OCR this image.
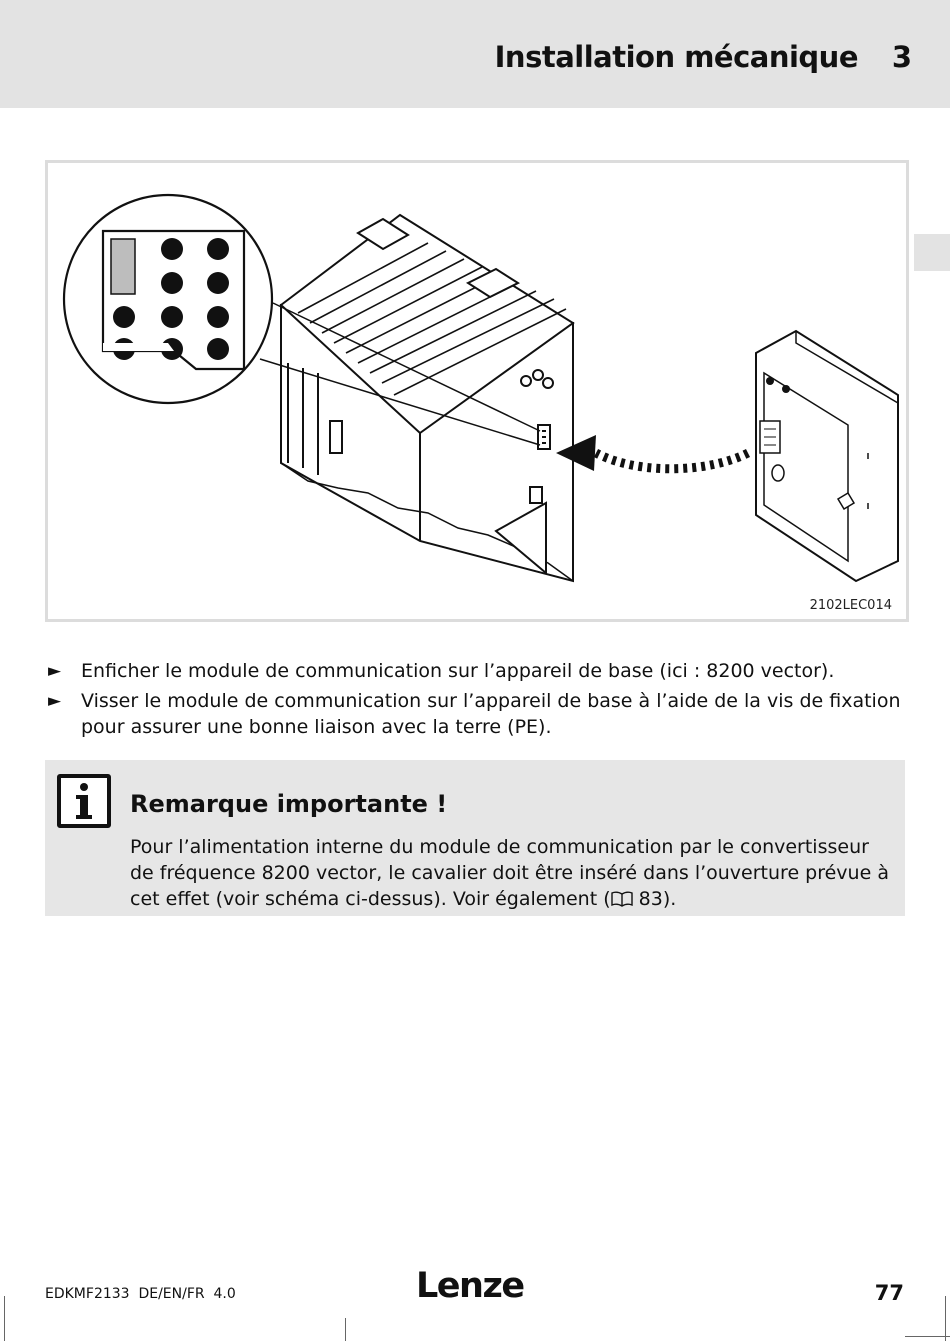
Installation mécanique 3
2102LEC014
► Enficher le module de communication sur l’appareil de base (ici : 8200 vector).
► Visser le module de communication sur l’appareil de base à l’aide de la vis de fixation pour assurer une bonne liaison avec la terre (PE).
Remarque importante !
Pour l’alimentation interne du module de communication par le convertisseur de fréquence 8200 vector, le cavalier doit être inséré dans l’ouverture prévue à cet effet (voir schéma ci-dessus). Voir également ( 83).
EDKMF2133  DE/EN/FR  4.0	Lenze	77
